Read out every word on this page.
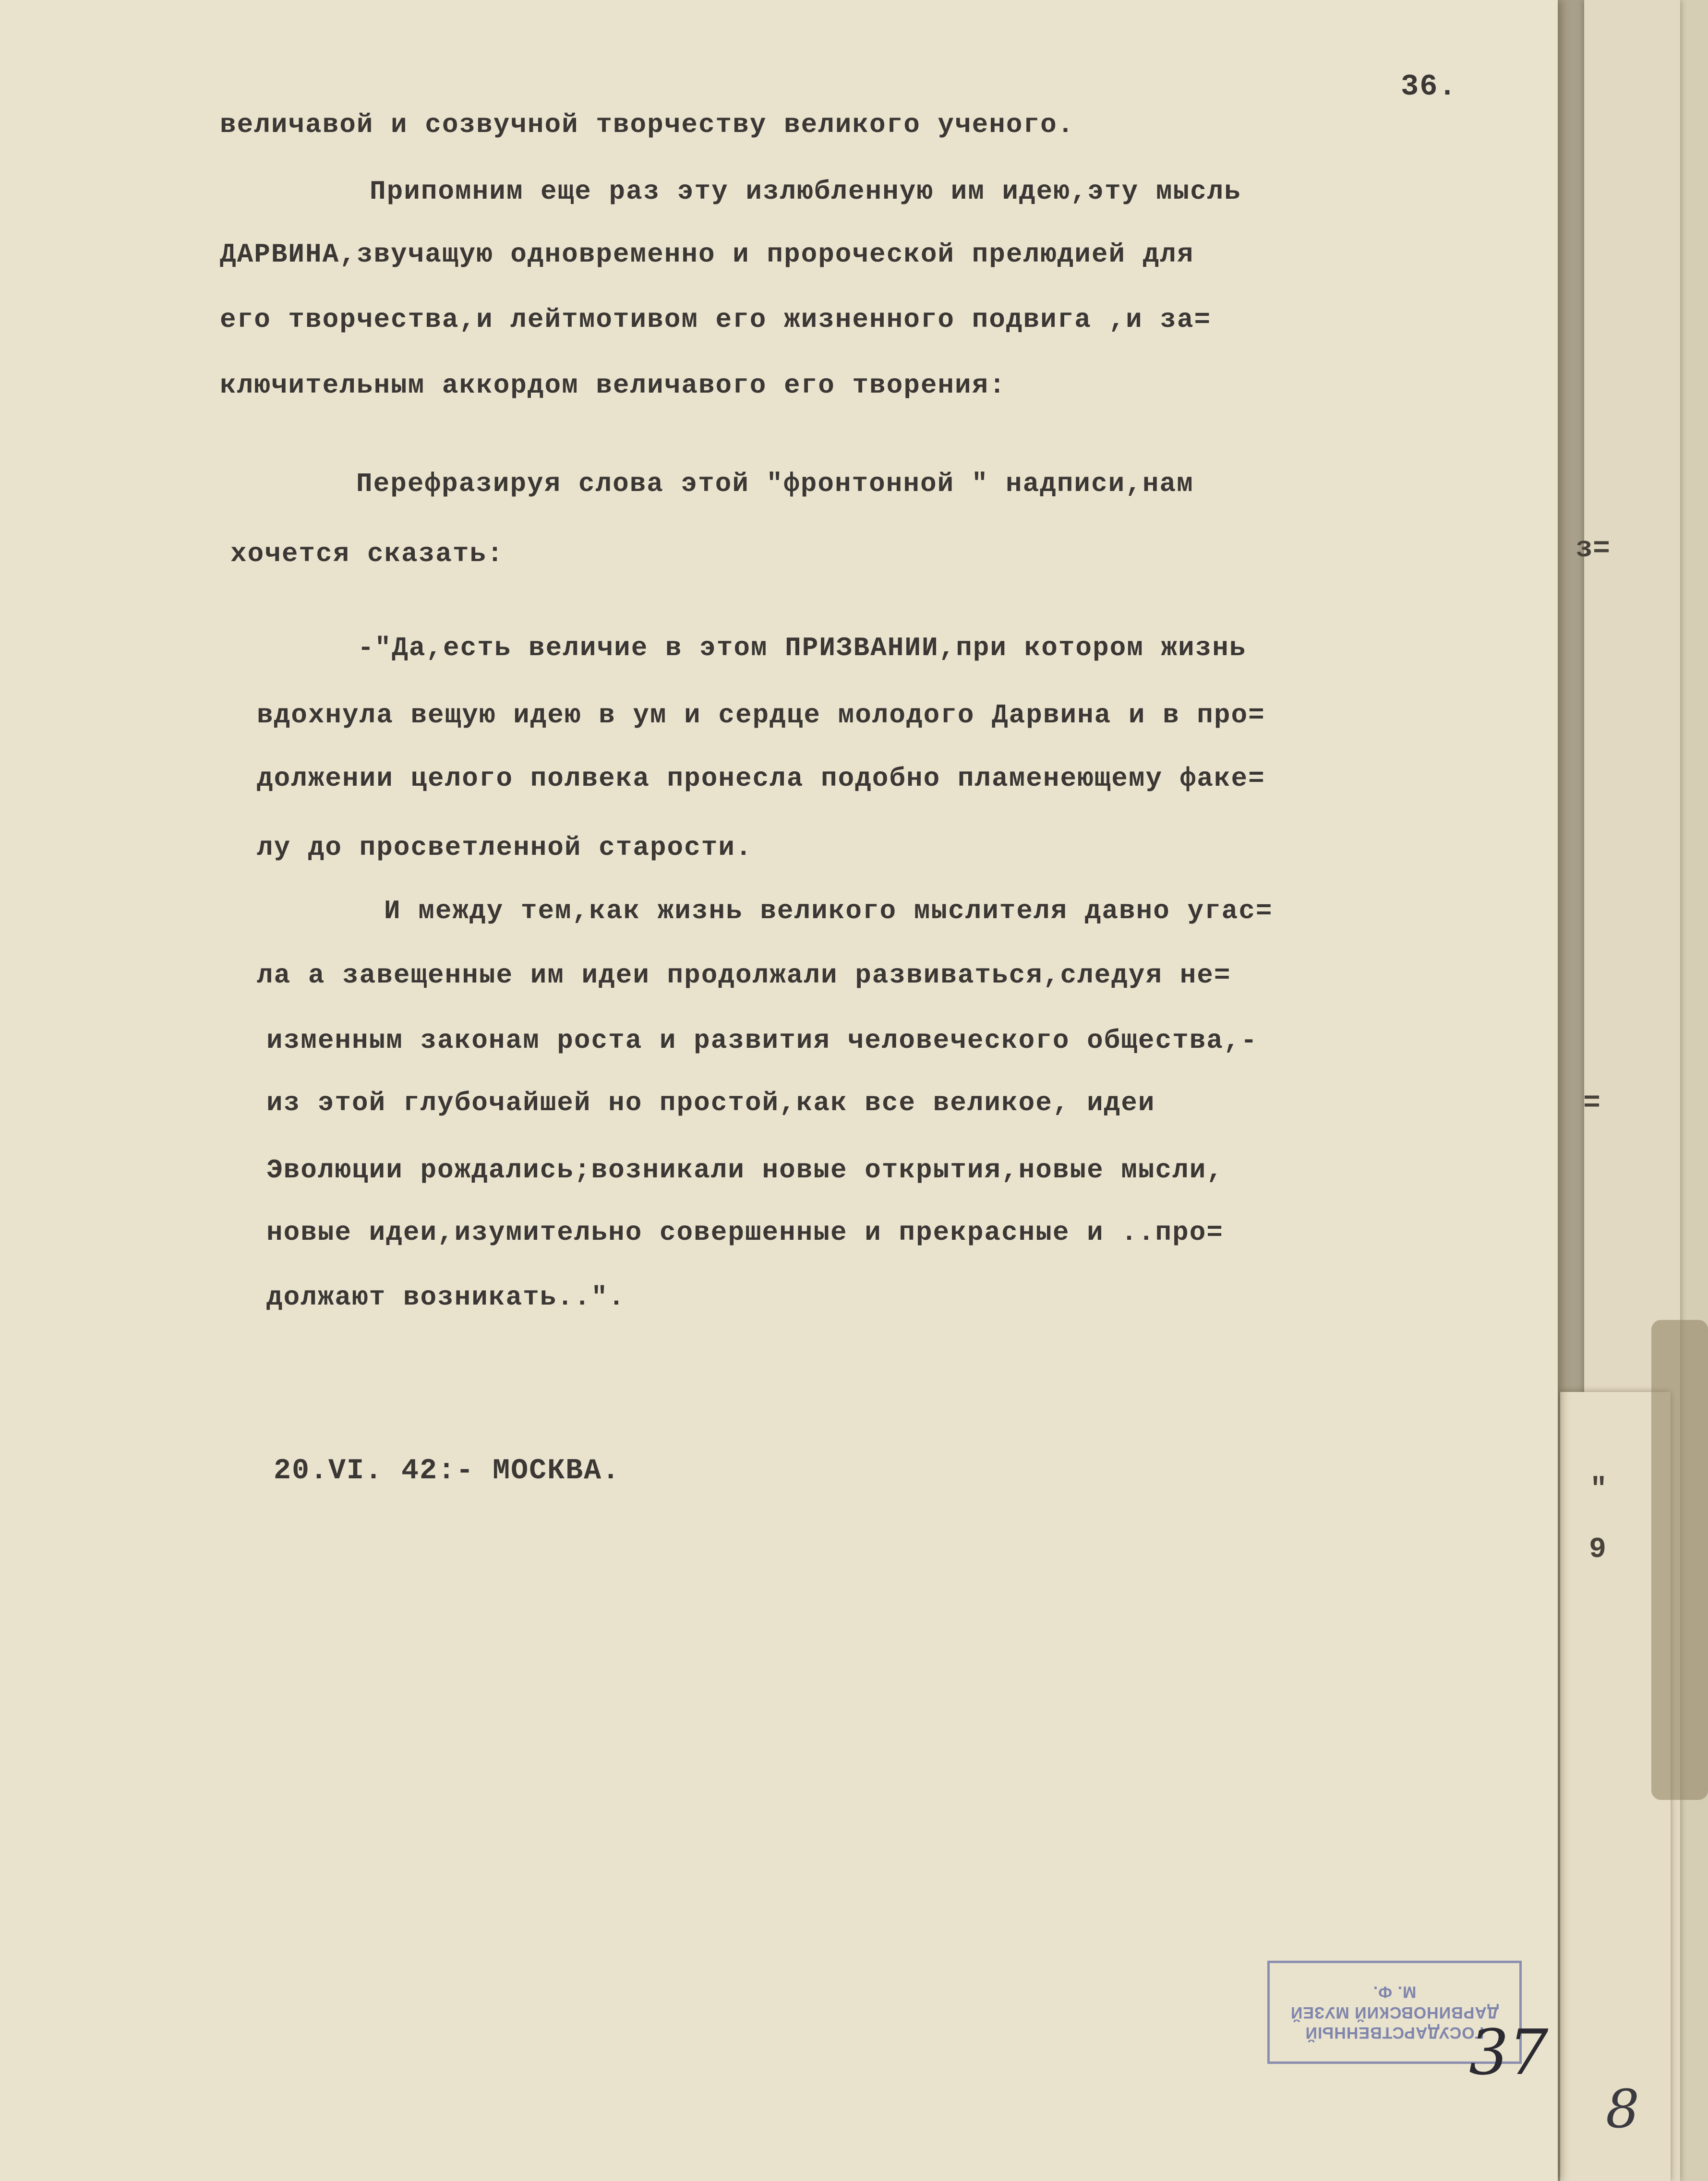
з=
=
"
9
36.
величавой и созвучной творчеству великого ученого.
Припомним еще раз эту излюбленную им идею,эту мысль
ДАРВИНА,звучащую одновременно и пророческой прелюдией для
его творчества,и лейтмотивом его жизненного подвига ,и за=
ключительным аккордом величавого его творения:
Перефразируя слова этой "фронтонной " надписи,нам
хочется сказать:
-"Да,есть величие в этом ПРИЗВАНИИ,при котором жизнь
вдохнула вещую идею в ум и сердце молодого Дарвина и в про=
должении целого полвека пронесла подобно пламенеющему факе=
лу до просветленной старости.
И между тем,как жизнь великого мыслителя давно угас=
ла а завещенные им идеи продолжали развиваться,следуя не=
изменным законам роста и развития человеческого общества,-
из этой глубочайшей но простой,как все великое, идеи
Эволюции рождались;возникали новые открытия,новые мысли,
новые идеи,изумительно совершенные и прекрасные и ..про=
должают возникать..".
20.VI. 42:- МОСКВА.
ГОСУДАРСТВЕННЫЙ
ДАРВИНОВСКИЙ МУЗЕЙ
М. Ф.
37
8
